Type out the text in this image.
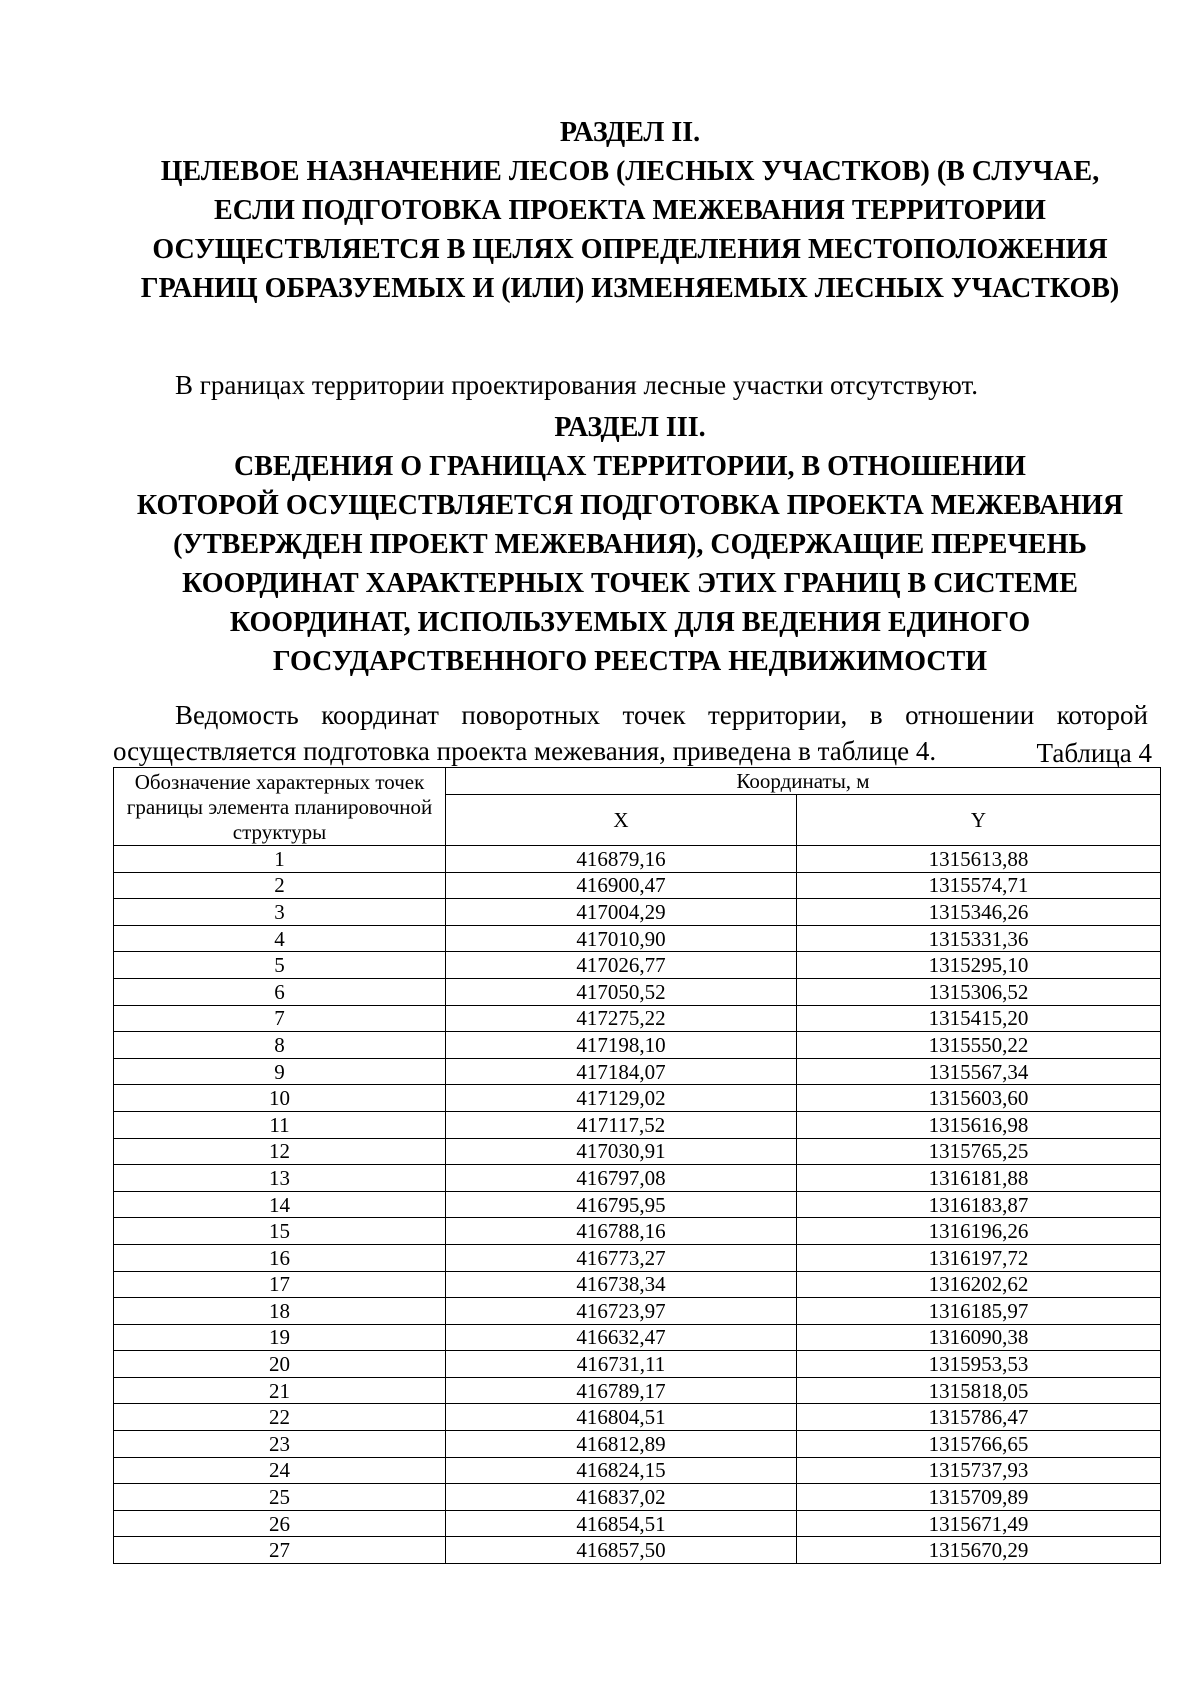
РАЗДЕЛ II.
ЦЕЛЕВОЕ НАЗНАЧЕНИЕ ЛЕСОВ (ЛЕСНЫХ УЧАСТКОВ) (В СЛУЧАЕ,
ЕСЛИ ПОДГОТОВКА ПРОЕКТА МЕЖЕВАНИЯ ТЕРРИТОРИИ
ОСУЩЕСТВЛЯЕТСЯ В ЦЕЛЯХ ОПРЕДЕЛЕНИЯ МЕСТОПОЛОЖЕНИЯ
ГРАНИЦ ОБРАЗУЕМЫХ И (ИЛИ) ИЗМЕНЯЕМЫХ ЛЕСНЫХ УЧАСТКОВ)

В границах территории проектирования лесные участки отсутствуют.

РАЗДЕЛ III.
СВЕДЕНИЯ О ГРАНИЦАХ ТЕРРИТОРИИ, В ОТНОШЕНИИ
КОТОРОЙ ОСУЩЕСТВЛЯЕТСЯ ПОДГОТОВКА ПРОЕКТА МЕЖЕВАНИЯ
(УТВЕРЖДЕН ПРОЕКТ МЕЖЕВАНИЯ), СОДЕРЖАЩИЕ ПЕРЕЧЕНЬ
КООРДИНАТ ХАРАКТЕРНЫХ ТОЧЕК ЭТИХ ГРАНИЦ В СИСТЕМЕ
КООРДИНАТ, ИСПОЛЬЗУЕМЫХ ДЛЯ ВЕДЕНИЯ ЕДИНОГО
ГОСУДАРСТВЕННОГО РЕЕСТРА НЕДВИЖИМОСТИ

Ведомость координат поворотных точек территории, в отношении которой осуществляется подготовка проекта межевания, приведена в таблице 4.	Таблица 4
Обозначение характерных точек границы элемента планировочной структуры	Координаты, м	
	X	Y
1	416879,16	1315613,88
2	416900,47	1315574,71
3	417004,29	1315346,26
4	417010,90	1315331,36
5	417026,77	1315295,10
6	417050,52	1315306,52
7	417275,22	1315415,20
8	417198,10	1315550,22
9	417184,07	1315567,34
10	417129,02	1315603,60
11	417117,52	1315616,98
12	417030,91	1315765,25
13	416797,08	1316181,88
14	416795,95	1316183,87
15	416788,16	1316196,26
16	416773,27	1316197,72
17	416738,34	1316202,62
18	416723,97	1316185,97
19	416632,47	1316090,38
20	416731,11	1315953,53
21	416789,17	1315818,05
22	416804,51	1315786,47
23	416812,89	1315766,65
24	416824,15	1315737,93
25	416837,02	1315709,89
26	416854,51	1315671,49
27	416857,50	1315670,29
